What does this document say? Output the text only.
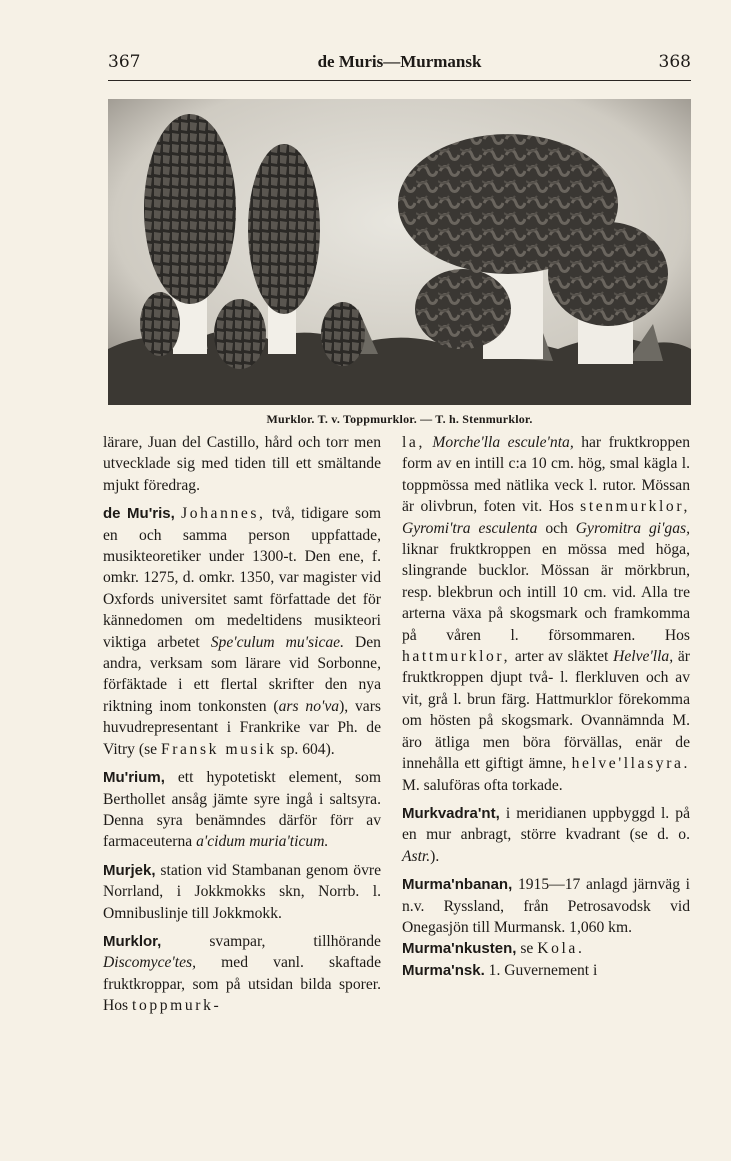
367	de Muris—Murmansk	368
Murklor. T. v. Toppmurklor. — T. h. Stenmurklor.

lärare, Juan del Castillo, hård och torr men utvecklade sig med tiden till ett smältande mjukt föredrag.

de Mu'ris, Johannes, två, tidigare som en och samma person uppfattade, musikteoretiker under 1300-t. Den ene, f. omkr. 1275, d. omkr. 1350, var magister vid Oxfords universitet samt författade det för kännedomen om medeltidens musikteori viktiga arbetet Spe'culum mu'sicae. Den andra, verksam som lärare vid Sorbonne, förfäktade i ett flertal skrifter den nya riktning inom tonkonsten (ars no'va), vars huvudrepresentant i Frankrike var Ph. de Vitry (se Fransk musik sp. 604).

Mu'rium, ett hypotetiskt element, som Berthollet ansåg jämte syre ingå i saltsyra. Denna syra benämndes därför förr av farmaceuterna a'cidum muria'ticum.

Murjek, station vid Stambanan genom övre Norrland, i Jokkmokks skn, Norrb. l. Omnibuslinje till Jokkmokk.

Murklor,	svampar, tillhörande Discomyce'tes, med vanl. skaftade fruktkroppar, som på utsidan bilda sporer. Hos toppmurk-

la, Morche'lla escule'nta, har fruktkroppen form av en intill c:a 10 cm. hög, smal kägla l. toppmössa med nätlika veck l. rutor. Mössan är olivbrun, foten vit. Hos stenmurklor, Gyromi'tra esculenta och Gyromitra gi'gas, liknar fruktkroppen en mössa med höga, slingrande bucklor. Mössan är mörkbrun, resp. blekbrun och intill 10 cm. vid. Alla tre arterna växa på skogsmark och framkomma på våren l. försommaren. Hos hattmurklor, arter av släktet Helve'lla, är fruktkroppen djupt två- l. flerkluven och av vit, grå l. brun färg. Hattmurklor förekomma om hösten på skogsmark. Ovannämnda M. äro ätliga men böra förvällas, enär de innehålla ett giftigt ämne, helve'llasyra. M. saluföras ofta torkade.

Murkvadra'nt, i meridianen uppbyggd l. på en mur anbragt, större kvadrant (se d. o. Astr.).

Murma'nbanan, 1915—17 anlagd järnväg i n.v. Ryssland, från Petrosavodsk vid Onegasjön till Murmansk. 1,060 km.

Murma'nkusten, se Kola.

Murma'nsk. 1. Guvernement i
